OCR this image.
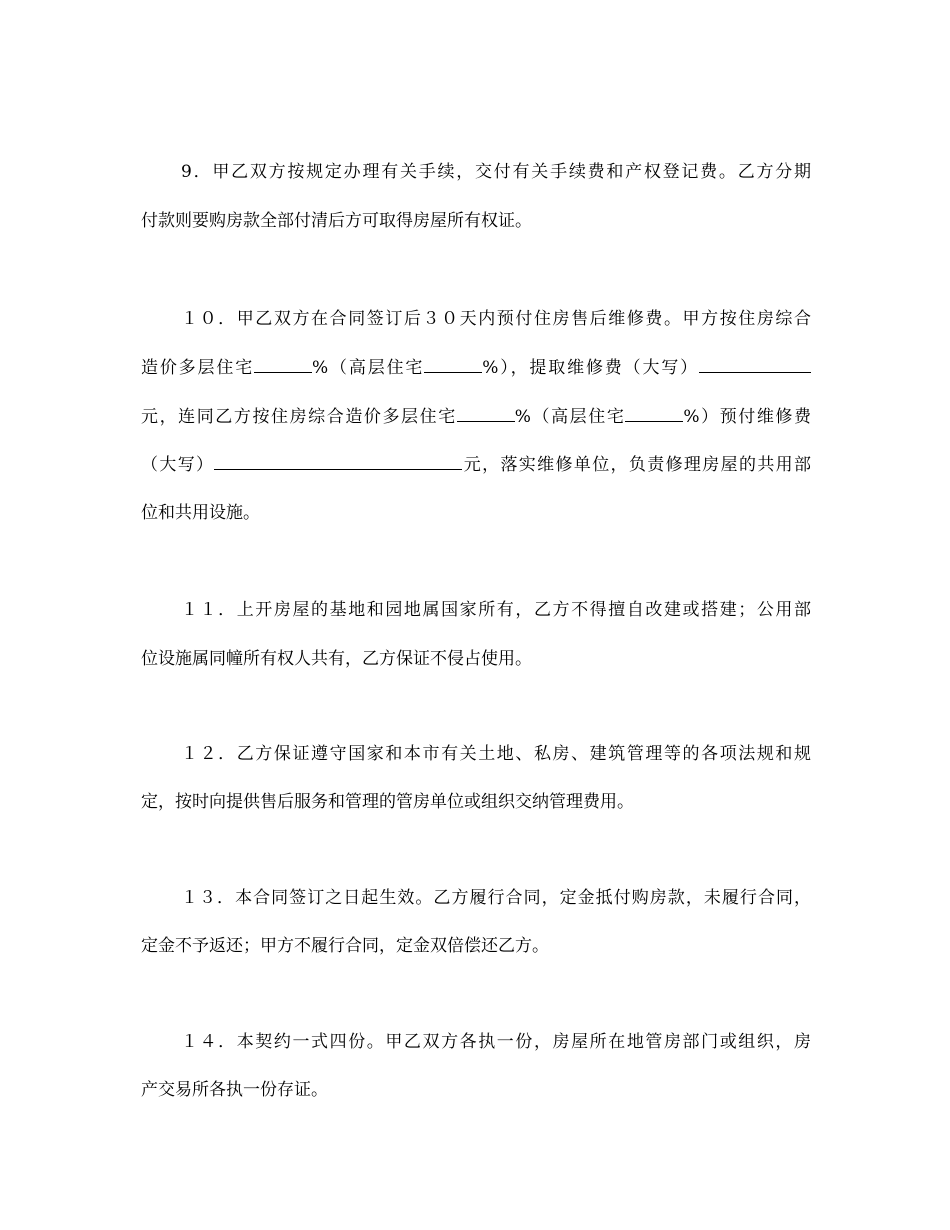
9．甲乙双方按规定办理有关手续，交付有关手续费和产权登记费。乙方分期
付款则要购房款全部付清后方可取得房屋所有权证。
１０．甲乙双方在合同签订后３０天内预付住房售后维修费。甲方按住房综合
造价多层住宅	%（高层住宅	%），提取维修费（大写）
元，连同乙方按住房综合造价多层住宅	%（高层住宅	%）预付维修费
（大写）	元，落实维修单位，负责修理房屋的共用部
位和共用设施。
１１．上开房屋的基地和园地属国家所有，乙方不得擅自改建或搭建；公用部
位设施属同幢所有权人共有，乙方保证不侵占使用。
１２．乙方保证遵守国家和本市有关土地、私房、建筑管理等的各项法规和规
定，按时向提供售后服务和管理的管房单位或组织交纳管理费用。
１３．本合同签订之日起生效。乙方履行合同，定金抵付购房款，未履行合同，
定金不予返还；甲方不履行合同，定金双倍偿还乙方。
１４．本契约一式四份。甲乙双方各执一份，房屋所在地管房部门或组织，房
产交易所各执一份存证。
